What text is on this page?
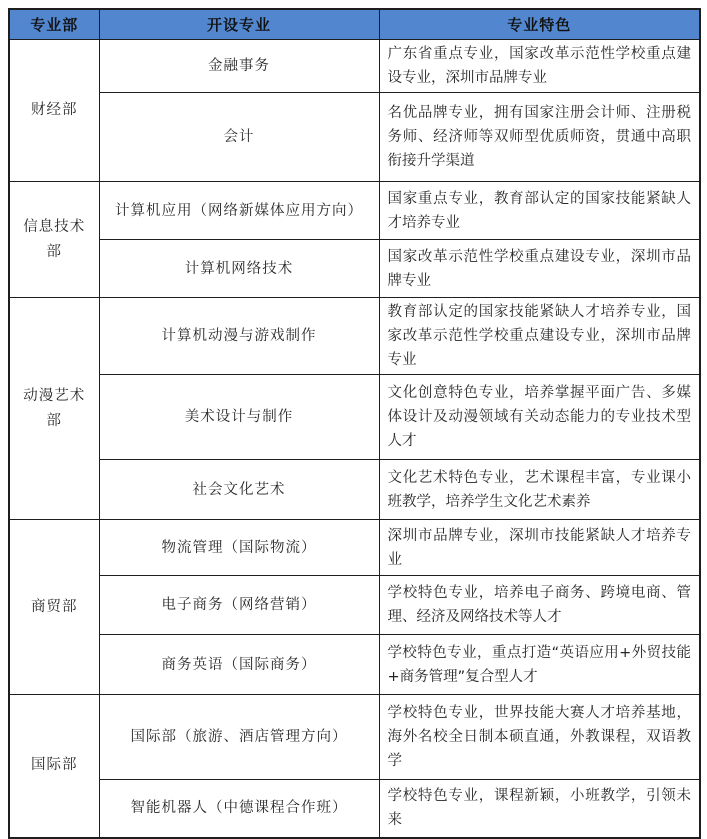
专业部	开设专业	专业特色
财经部	金融事务	广东省重点专业，国家改革示范性学校重点建设专业，深圳市品牌专业
	会计	名优品牌专业，拥有国家注册会计师、注册税务师、经济师等双师型优质师资，贯通中高职衔接升学渠道
信息技术部	计算机应用（网络新媒体应用方向）	国家重点专业，教育部认定的国家技能紧缺人才培养专业
	计算机网络技术	国家改革示范性学校重点建设专业，深圳市品牌专业
动漫艺术部	计算机动漫与游戏制作	教育部认定的国家技能紧缺人才培养专业，国家改革示范性学校重点建设专业，深圳市品牌专业
	美术设计与制作	文化创意特色专业，培养掌握平面广告、多媒体设计及动漫领域有关动态能力的专业技术型人才
	社会文化艺术	文化艺术特色专业，艺术课程丰富，专业课小班教学，培养学生文化艺术素养
商贸部	物流管理（国际物流）	深圳市品牌专业，深圳市技能紧缺人才培养专业
	电子商务（网络营销）	学校特色专业，培养电子商务、跨境电商、管理、经济及网络技术等人才
	商务英语（国际商务）	学校特色专业，重点打造“英语应用+外贸技能+商务管理”复合型人才
国际部	国际部（旅游、酒店管理方向）	学校特色专业，世界技能大赛人才培养基地，海外名校全日制本硕直通，外教课程，双语教学
	智能机器人（中德课程合作班）	学校特色专业，课程新颖，小班教学，引领未来
